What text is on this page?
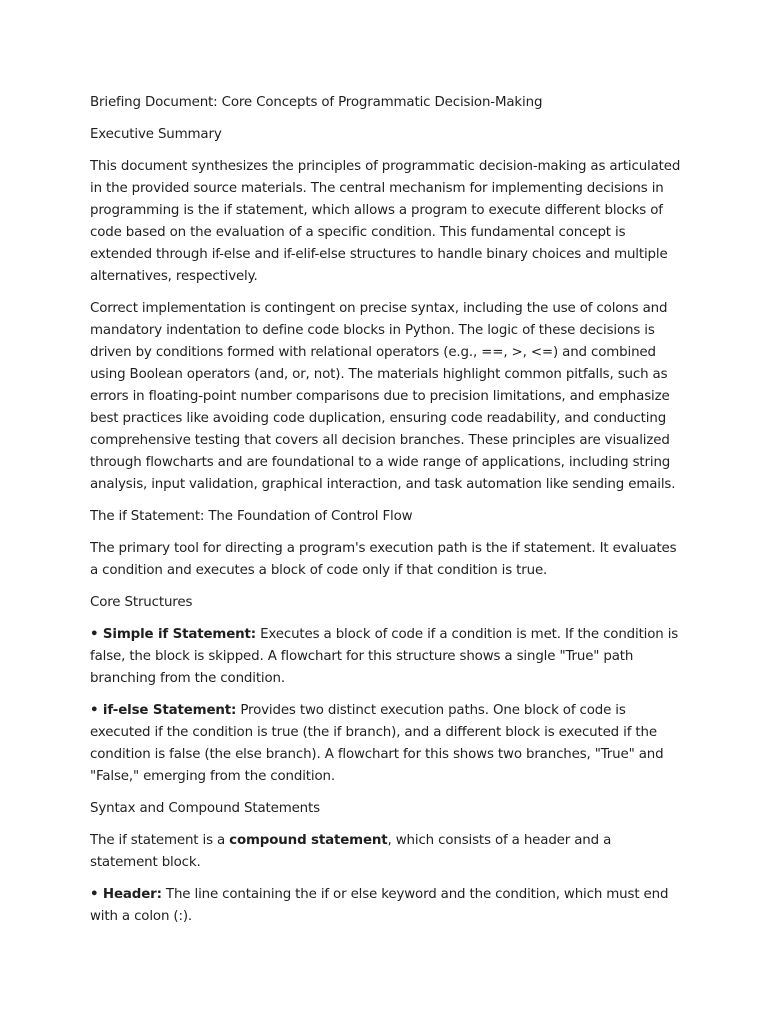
Briefing Document: Core Concepts of Programmatic Decision-Making

Executive Summary

This document synthesizes the principles of programmatic decision-making as articulated in the provided source materials. The central mechanism for implementing decisions in programming is the if statement, which allows a program to execute different blocks of code based on the evaluation of a specific condition. This fundamental concept is extended through if-else and if-elif-else structures to handle binary choices and multiple alternatives, respectively.

Correct implementation is contingent on precise syntax, including the use of colons and mandatory indentation to define code blocks in Python. The logic of these decisions is driven by conditions formed with relational operators (e.g., ==, >, <=) and combined using Boolean operators (and, or, not). The materials highlight common pitfalls, such as errors in floating-point number comparisons due to precision limitations, and emphasize best practices like avoiding code duplication, ensuring code readability, and conducting comprehensive testing that covers all decision branches. These principles are visualized through flowcharts and are foundational to a wide range of applications, including string analysis, input validation, graphical interaction, and task automation like sending emails.

The if Statement: The Foundation of Control Flow

The primary tool for directing a program's execution path is the if statement. It evaluates a condition and executes a block of code only if that condition is true.

Core Structures

• Simple if Statement: Executes a block of code if a condition is met. If the condition is false, the block is skipped. A flowchart for this structure shows a single "True" path branching from the condition.

• if-else Statement: Provides two distinct execution paths. One block of code is executed if the condition is true (the if branch), and a different block is executed if the condition is false (the else branch). A flowchart for this shows two branches, "True" and "False," emerging from the condition.

Syntax and Compound Statements

The if statement is a compound statement, which consists of a header and a statement block.

• Header: The line containing the if or else keyword and the condition, which must end with a colon (:).
